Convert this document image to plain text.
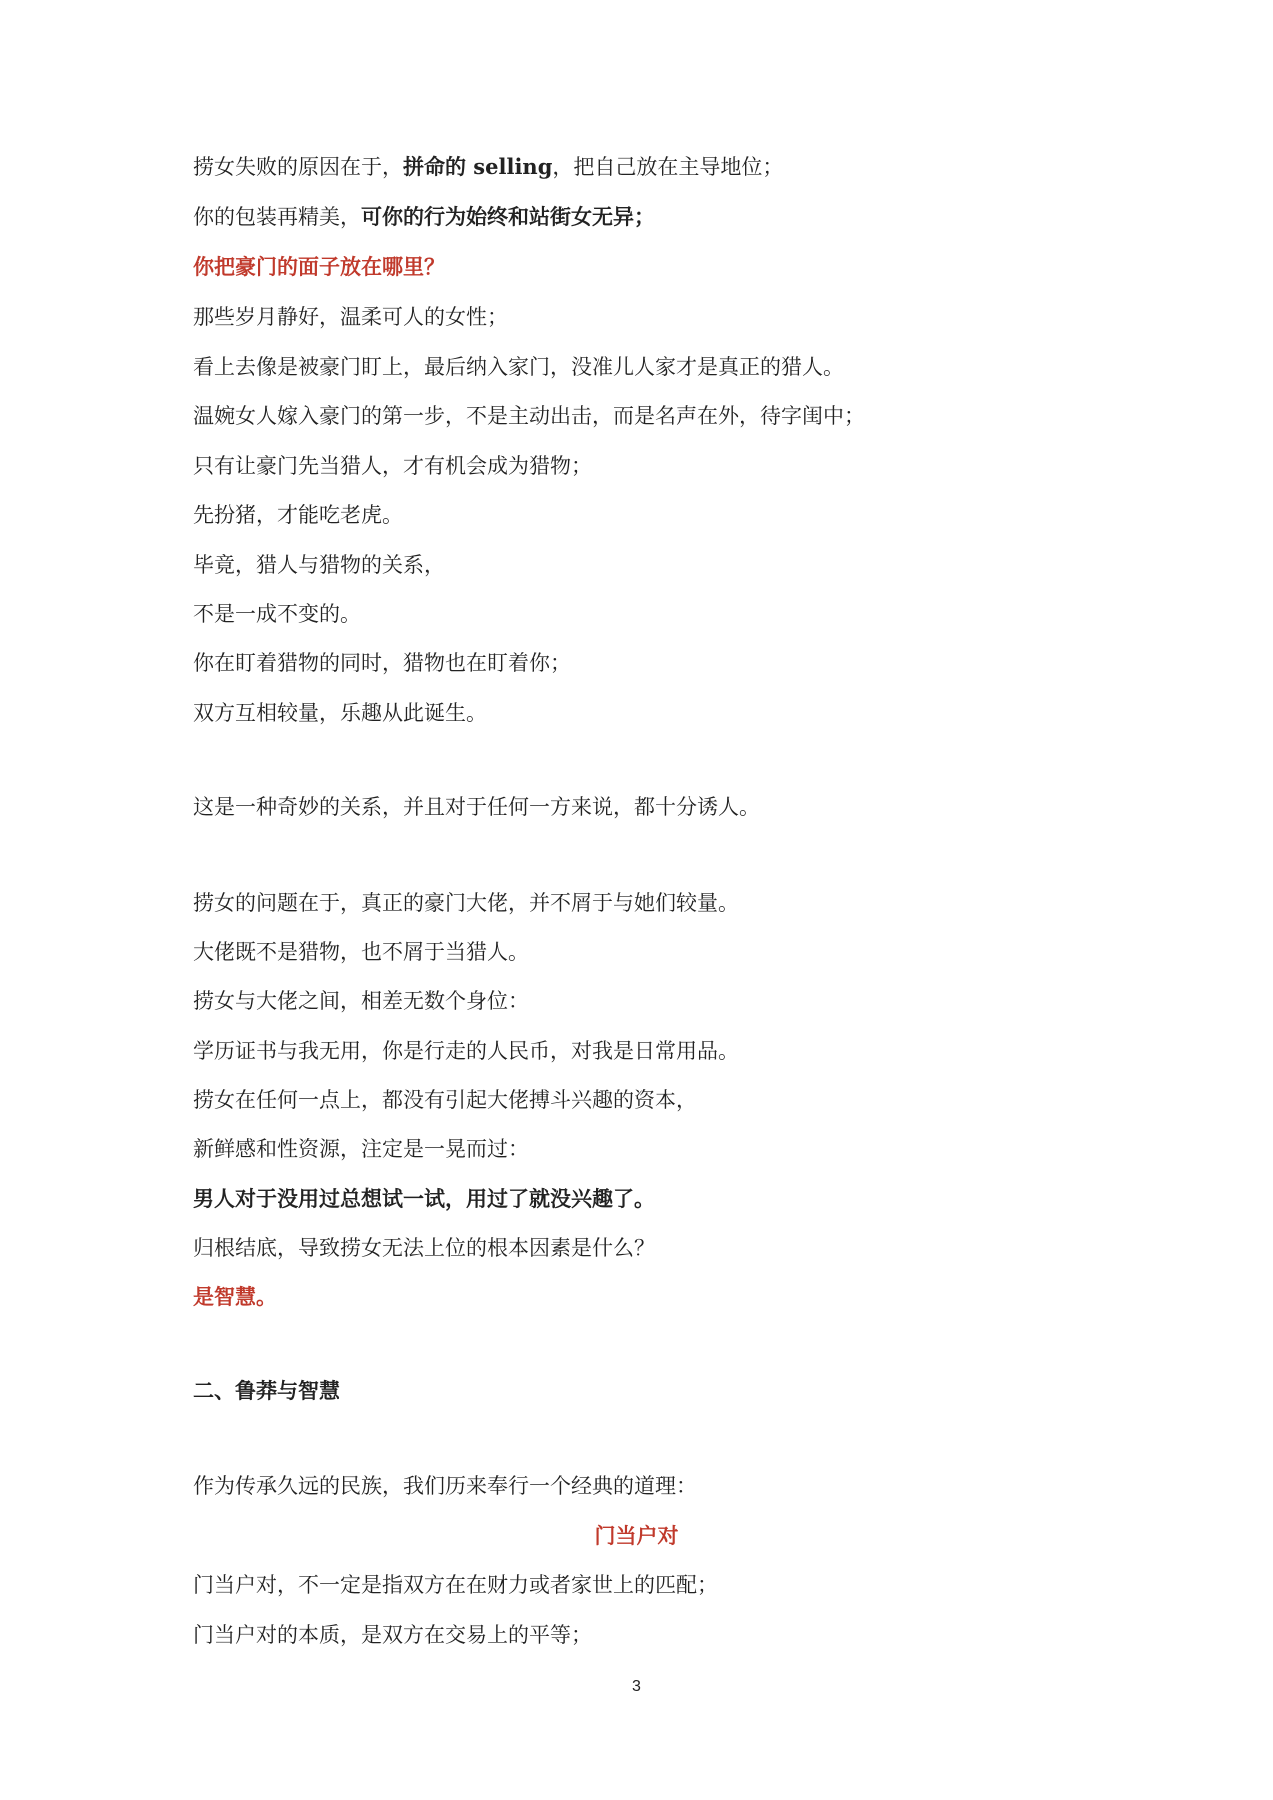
捞女失败的原因在于，拼命的 selling，把自己放在主导地位；
你的包装再精美，可你的行为始终和站街女无异；
你把豪门的面子放在哪里？
那些岁月静好，温柔可人的女性；
看上去像是被豪门盯上，最后纳入家门，没准儿人家才是真正的猎人。
温婉女人嫁入豪门的第一步，不是主动出击，而是名声在外，待字闺中；
只有让豪门先当猎人，才有机会成为猎物；
先扮猪，才能吃老虎。
毕竟，猎人与猎物的关系，
不是一成不变的。
你在盯着猎物的同时，猎物也在盯着你；
双方互相较量，乐趣从此诞生。
这是一种奇妙的关系，并且对于任何一方来说，都十分诱人。
捞女的问题在于，真正的豪门大佬，并不屑于与她们较量。
大佬既不是猎物，也不屑于当猎人。
捞女与大佬之间，相差无数个身位：
学历证书与我无用，你是行走的人民币，对我是日常用品。
捞女在任何一点上，都没有引起大佬搏斗兴趣的资本，
新鲜感和性资源，注定是一晃而过：
男人对于没用过总想试一试，用过了就没兴趣了。
归根结底，导致捞女无法上位的根本因素是什么？
是智慧。
二、鲁莽与智慧
作为传承久远的民族，我们历来奉行一个经典的道理：
门当户对
门当户对，不一定是指双方在在财力或者家世上的匹配；
门当户对的本质，是双方在交易上的平等；
3
